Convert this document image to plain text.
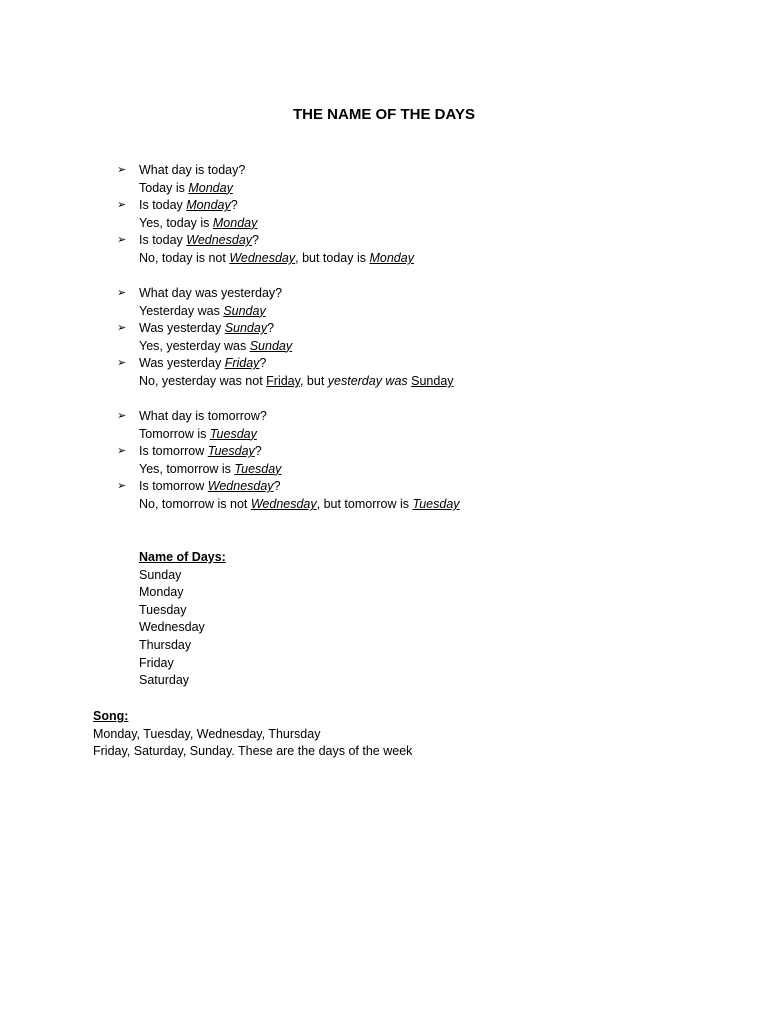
THE NAME OF THE DAYS
➢	What day is today?
Today is Monday
➢	Is today Monday?
Yes, today is Monday
➢	Is today Wednesday?
No, today is not Wednesday, but today is Monday
➢	What day was yesterday?
Yesterday was Sunday
➢	Was yesterday Sunday?
Yes, yesterday was Sunday
➢	Was yesterday Friday?
No, yesterday was not Friday, but yesterday was Sunday
➢	What day is tomorrow?
Tomorrow is Tuesday
➢	Is tomorrow Tuesday?
Yes, tomorrow is Tuesday
➢	Is tomorrow Wednesday?
No, tomorrow is not Wednesday, but tomorrow is Tuesday
Name of Days:
Sunday
Monday
Tuesday
Wednesday
Thursday
Friday
Saturday
Song:
Monday, Tuesday, Wednesday, Thursday
Friday, Saturday, Sunday. These are the days of the week
